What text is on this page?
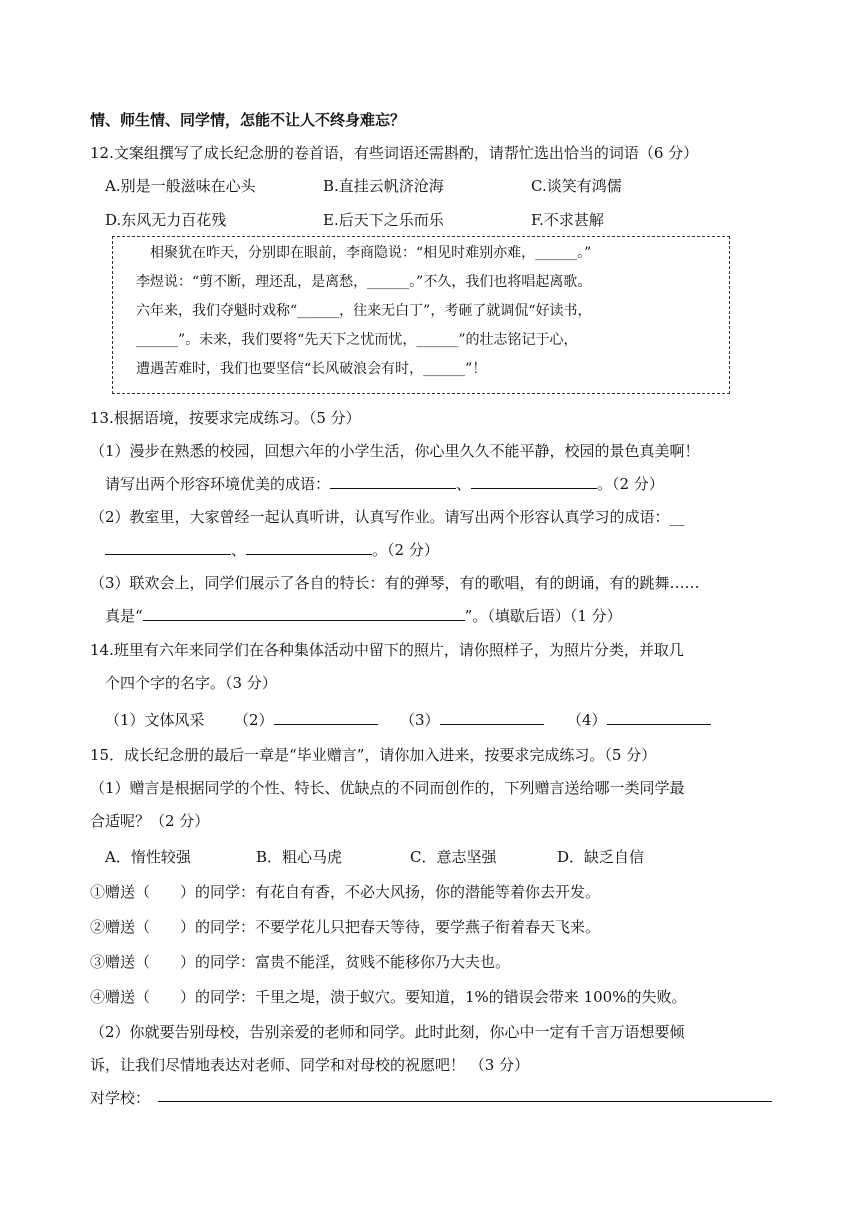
情、师生情、同学情，怎能不让人不终身难忘？
12.文案组撰写了成长纪念册的卷首语，有些词语还需斟酌，请帮忙选出恰当的词语（6 分）
A.别是一般滋味在心头	B.直挂云帆济沧海	C.谈笑有鸿儒
D.东风无力百花残	E.后天下之乐而乐	F.不求甚解
相聚犹在昨天，分别即在眼前，李商隐说：“相见时难别亦难，______。”
李煜说：“剪不断，理还乱，是离愁，______。”不久，我们也将唱起离歌。
六年来，我们夺魁时戏称“______，往来无白丁”，考砸了就调侃“好读书，
______”。未来，我们要将“先天下之忧而忧，______”的壮志铭记于心，
遭遇苦难时，我们也要坚信“长风破浪会有时，______”！
13.根据语境，按要求完成练习。（5 分）
（1）漫步在熟悉的校园，回想六年的小学生活，你心里久久不能平静，校园的景色真美啊！
请写出两个形容环境优美的成语：	、	。（2 分）
（2）教室里，大家曾经一起认真听讲，认真写作业。请写出两个形容认真学习的成语：__
、	。（2 分）
（3）联欢会上，同学们展示了各自的特长：有的弹琴，有的歌唱，有的朗诵，有的跳舞……
真是“	”。（填歇后语）（1 分）
14.班里有六年来同学们在各种集体活动中留下的照片，请你照样子，为照片分类，并取几
个四个字的名字。（3 分）
（1）文体风采 （2）	（3）	（4）
15．成长纪念册的最后一章是“毕业赠言”，请你加入进来，按要求完成练习。（5 分）
（1）赠言是根据同学的个性、特长、优缺点的不同而创作的，下列赠言送给哪一类同学最
合适呢？（2 分）
A．惰性较强	B．粗心马虎	C．意志坚强	D．缺乏自信
①赠送（　　）的同学：有花自有香，不必大风扬，你的潜能等着你去开发。
②赠送（　　）的同学：不要学花儿只把春天等待，要学燕子衔着春天飞来。
③赠送（　　）的同学：富贵不能淫，贫贱不能移你乃大夫也。
④赠送（　　）的同学：千里之堤，溃于蚁穴。要知道，1%的错误会带来 100%的失败。
（2）你就要告别母校，告别亲爱的老师和同学。此时此刻，你心中一定有千言万语想要倾
诉，让我们尽情地表达对老师、同学和对母校的祝愿吧！ （3 分）
对学校：
